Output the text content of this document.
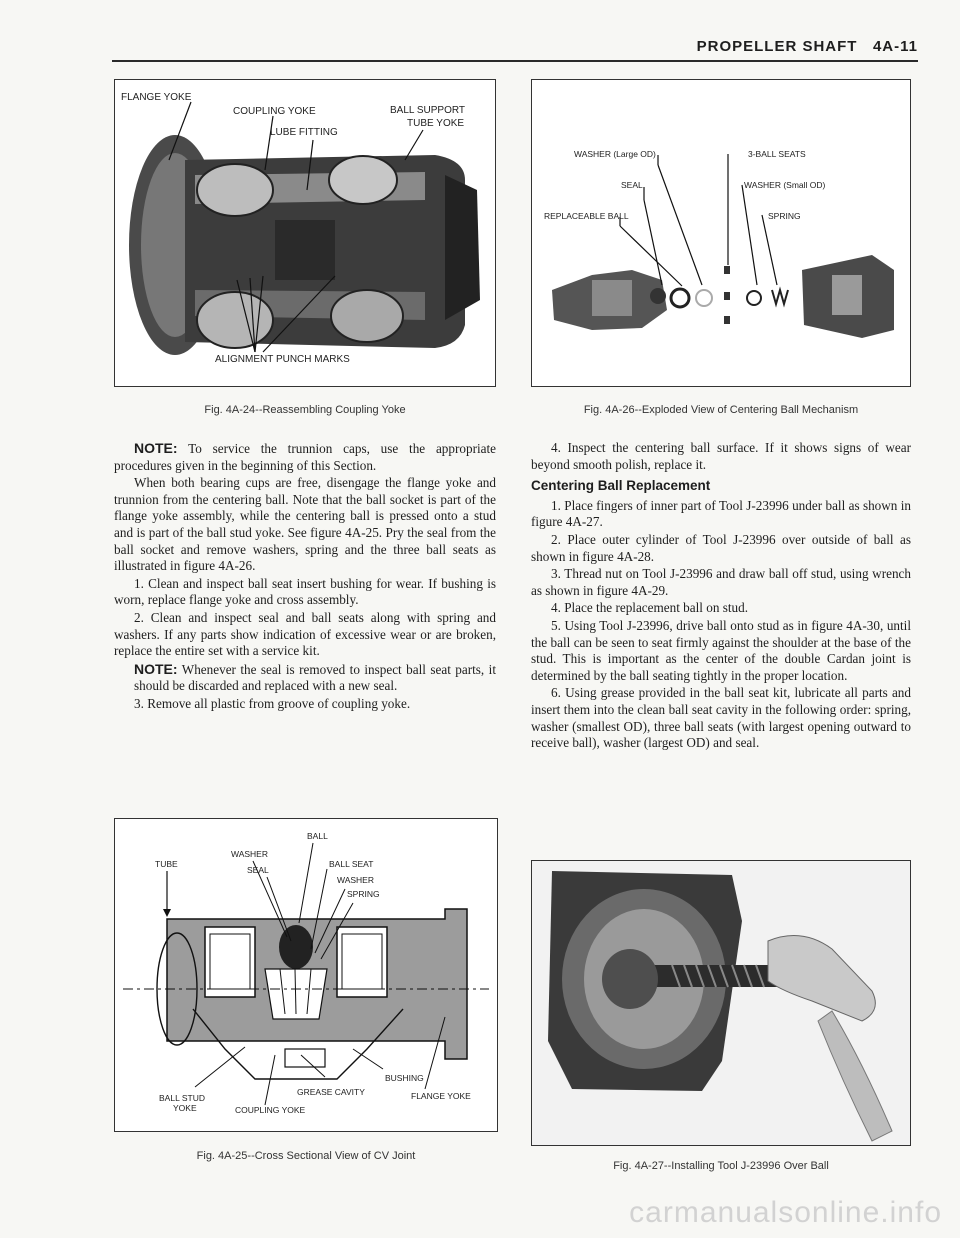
PROPELLER SHAFT 4A-11
FLANGE YOKE
COUPLING YOKE	BALL SUPPORT
TUBE YOKE
LUBE FITTING
ALIGNMENT PUNCH MARKS
Fig. 4A-24--Reassembling Coupling Yoke
WASHER (Large OD)	3-BALL SEATS
SEAL	WASHER (Small OD)
REPLACEABLE BALL	SPRING
Fig. 4A-26--Exploded View of Centering Ball Mechanism

NOTE: To service the trunnion caps, use the appropriate procedures given in the beginning of this Section.

When both bearing cups are free, disengage the flange yoke and trunnion from the centering ball. Note that the ball socket is part of the flange yoke assembly, while the centering ball is pressed onto a stud and is part of the ball stud yoke. See figure 4A-25. Pry the seal from the ball socket and remove washers, spring and the three ball seats as illustrated in figure 4A-26.

1. Clean and inspect ball seat insert bushing for wear. If bushing is worn, replace flange yoke and cross assembly.

2. Clean and inspect seal and ball seats along with spring and washers. If any parts show indication of excessive wear or are broken, replace the entire set with a service kit.

NOTE: Whenever the seal is removed to inspect ball seat parts, it should be discarded and replaced with a new seal.

3. Remove all plastic from groove of coupling yoke.

4. Inspect the centering ball surface. If it shows signs of wear beyond smooth polish, replace it.

Centering Ball Replacement

1. Place fingers of inner part of Tool J-23996 under ball as shown in figure 4A-27.

2. Place outer cylinder of Tool J-23996 over outside of ball as shown in figure 4A-28.

3. Thread nut on Tool J-23996 and draw ball off stud, using wrench as shown in figure 4A-29.

4. Place the replacement ball on stud.

5. Using Tool J-23996, drive ball onto stud as in figure 4A-30, until the ball can be seen to seat firmly against the shoulder at the base of the stud. This is important as the center of the double Cardan joint is determined by the ball seating tightly in the proper location.

6. Using grease provided in the ball seat kit, lubricate all parts and insert them into the clean ball seat cavity in the following order: spring, washer (smallest OD), three ball seats (with largest opening outward to receive ball), washer (largest OD) and seal.

BALL
WASHER
BALL SEAT
SEAL
WASHER
SPRING
TUBE
BUSHING
GREASE CAVITY
BALL STUD
YOKE	COUPLING YOKE
FLANGE YOKE
Fig. 4A-25--Cross Sectional View of CV Joint
Fig. 4A-27--Installing Tool J-23996 Over Ball
carmanualsonline.info
